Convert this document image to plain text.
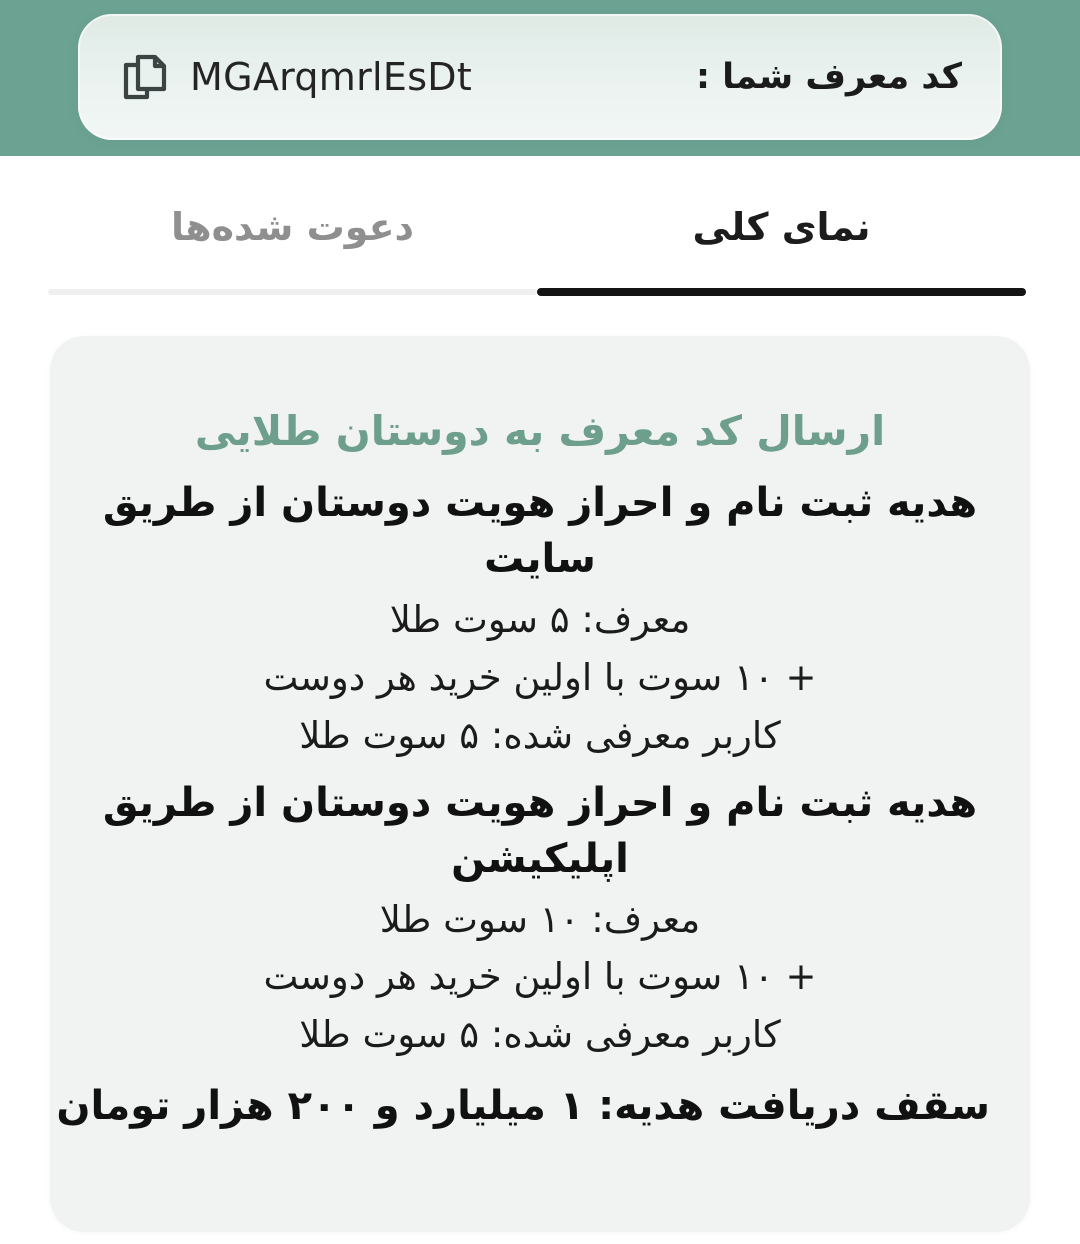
کد معرف شما :
MGArqmrlEsDt
نمای کلی
دعوت شده‌ها
ارسال کد معرف به دوستان طلایی
هدیه ثبت نام و احراز هویت دوستان از طریق سایت
معرف: ۵ سوت طلا
+ ۱۰ سوت با اولین خرید هر دوست
کاربر معرفی شده: ۵ سوت طلا
هدیه ثبت نام و احراز هویت دوستان از طریق اپلیکیشن
معرف: ۱۰ سوت طلا
+ ۱۰ سوت با اولین خرید هر دوست
کاربر معرفی شده: ۵ سوت طلا
سقف دریافت هدیه: ۱ میلیارد و ۲۰۰ هزار تومان
